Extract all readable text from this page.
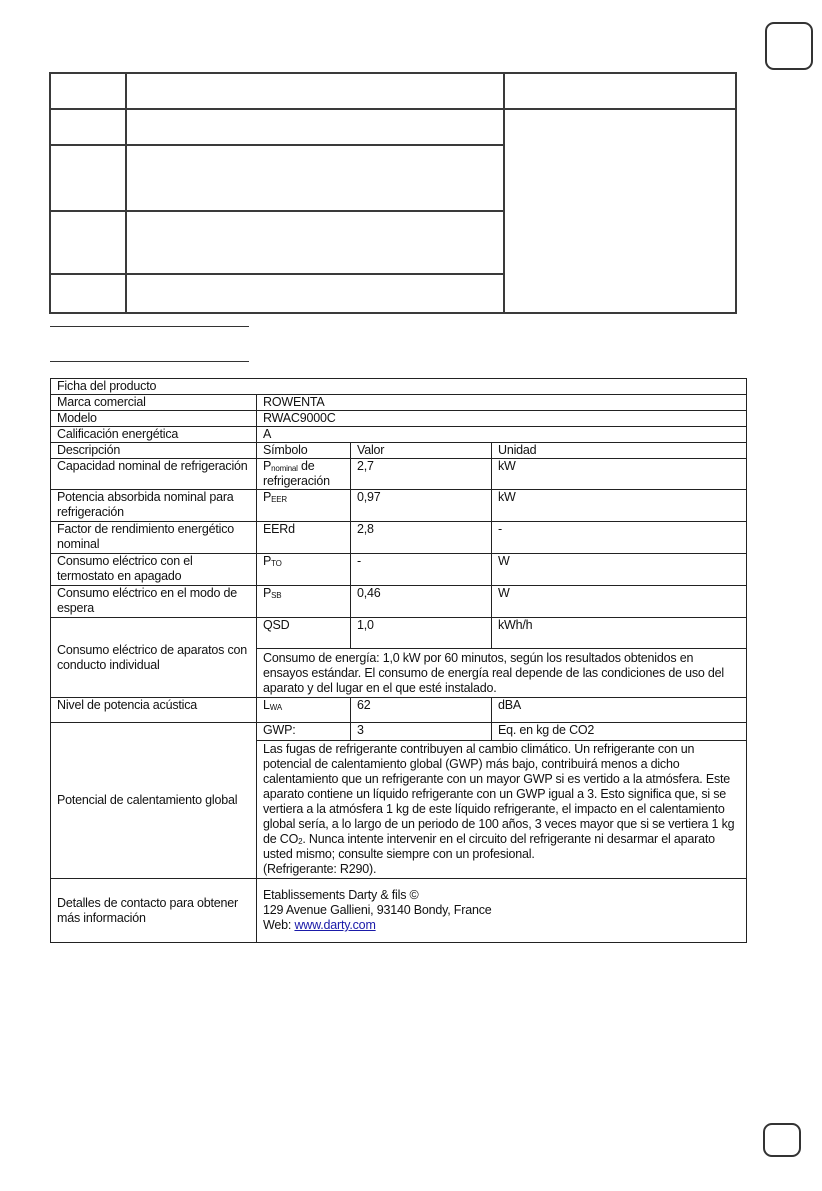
Ficha del producto			
Marca comercial	ROWENTA		
Modelo	RWAC9000C		
Calificación energética	A		
Descripción	Símbolo	Valor	Unidad
Capacidad nominal de refrigeración	$P_{nominal}$ de refrigeración	2,7	kW
Potencia absorbida nominal para refrigeración	$P_{EER}$	0,97	kW
Factor de rendimiento energético nominal	EERd	2,8	-
Consumo eléctrico con el termostato en apagado	$P_{TO}$	-	W
Consumo eléctrico en el modo de espera	$P_{SB}$	0,46	W
Consumo eléctrico de aparatos con conducto individual	QSD	1,0	kWh/h
	Consumo de energía: 1,0 kW por 60 minutos, según los resultados obtenidos en ensayos estándar. El consumo de energía real depende de las condiciones de uso del aparato y del lugar en el que esté instalado.		
Nivel de potencia acústica	$L_{WA}$	62	dBA
Potencial de calentamiento global	GWP:	3	Eq. en kg de CO2
	Las fugas de refrigerante contribuyen al cambio climático. Un refrigerante con un potencial de calentamiento global (GWP) más bajo, contribuirá menos a dicho calentamiento que un refrigerante con un mayor GWP si es vertido a la atmósfera. Este aparato contiene un líquido refrigerante con un GWP igual a 3. Esto significa que, si se vertiera a la atmósfera 1 kg de este líquido refrigerante, el impacto en el calentamiento global sería, a lo largo de un periodo de 100 años, 3 veces mayor que si se vertiera 1 kg de $CO_2$. Nunca intente intervenir en el circuito del refrigerante ni desarmar el aparato usted mismo; consulte siempre con un profesional.
(Refrigerante: R290).		

Detalles de contacto para obtener más información	Etablissements Darty & fils ©
129 Avenue Gallieni, 93140 Bondy, France
Web: www.darty.com		
